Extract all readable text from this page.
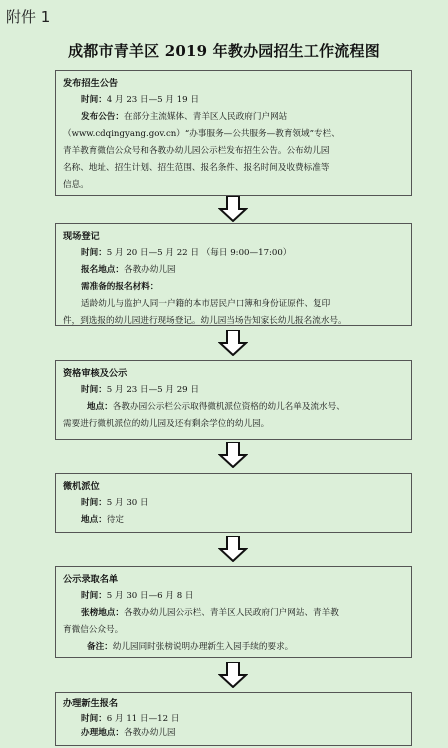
附件 1
成都市青羊区 2019 年教办园招生工作流程图
发布招生公告
时间：4 月 23 日—5 月 19 日
发布公告：在部分主流媒体、青羊区人民政府门户网站
（www.cdqingyang.gov.cn）“办事服务—公共服务—教育领域”专栏、
青羊教育微信公众号和各教办幼儿园公示栏发布招生公告。公布幼儿园
名称、地址、招生计划、招生范围、报名条件、报名时间及收费标准等
信息。
现场登记
时间：5 月 20 日—5 月 22 日 （每日 9:00—17:00）
报名地点：各教办幼儿园
需准备的报名材料：
适龄幼儿与监护人同一户籍的本市居民户口簿和身份证原件、复印
件，到选报的幼儿园进行现场登记。幼儿园当场告知家长幼儿报名流水号。
资格审核及公示
时间：5 月 23 日—5 月 29 日
地点：各教办园公示栏公示取得微机派位资格的幼儿名单及流水号、
需要进行微机派位的幼儿园及还有剩余学位的幼儿园。
微机派位
时间：5 月 30 日
地点：待定
公示录取名单
时间：5 月 30 日—6 月 8 日
张榜地点：各教办幼儿园公示栏、青羊区人民政府门户网站、青羊教
育微信公众号。
备注：幼儿园同时张榜说明办理新生入园手续的要求。
办理新生报名
时间：6 月 11 日—12 日
办理地点：各教办幼儿园
